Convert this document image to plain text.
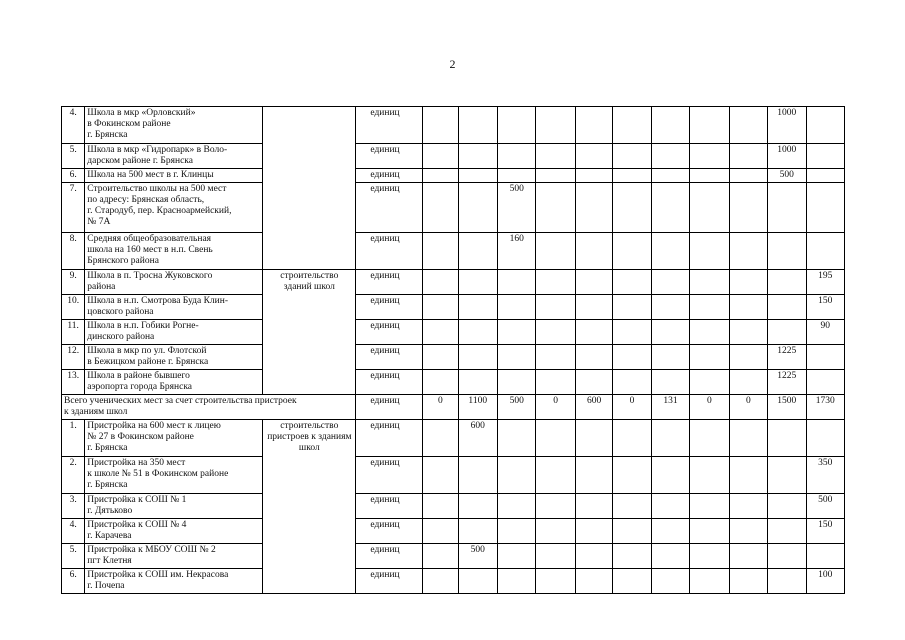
2
4.	Школа в мкр «Орловский»
в Фокинском районе
г. Брянска		единиц										1000	
5.	Школа в мкр «Гидропарк» в Воло-
дарском районе г. Брянска		единиц										1000	
6.	Школа на 500 мест в г. Клинцы		единиц										500	
7.	Строительство школы на 500 мест
по адресу: Брянская область,
г. Стародуб, пер. Красноармейский,
№ 7А		единиц			500								
8.	Средняя общеобразовательная
школа на 160 мест в н.п. Свень
Брянского района		единиц			160								
9.	Школа в п. Тросна Жуковского
района	строительство зданий школ	единиц											195
10.	Школа в н.п. Смотрова Буда Клин-
цовского района		единиц											150
11.	Школа в н.п. Гобики Рогне-
динского района		единиц											90
12.	Школа в мкр по ул. Флотской
в Бежицком районе г. Брянска		единиц										1225	
13.	Школа в районе бывшего
аэропорта города Брянска		единиц										1225	

Всего ученических мест за счет строительства пристроек
к зданиям школ			единиц	0	1100	500	0	600	0	131	0	0	1500	1730
1.	Пристройка на 600 мест к лицею
№ 27 в Фокинском районе
г. Брянска	строительство пристроев к зданиям школ	единиц		600									
2.	Пристройка на 350 мест
к школе № 51 в Фокинском районе
г. Брянска		единиц											350
3.	Пристройка к СОШ № 1
г. Дятьково		единиц											500
4.	Пристройка к СОШ № 4
г. Карачева		единиц											150
5.	Пристройка к МБОУ СОШ № 2
пгт Клетня		единиц		500									
6.	Пристройка к СОШ им. Некрасова
г. Почепа		единиц											100
